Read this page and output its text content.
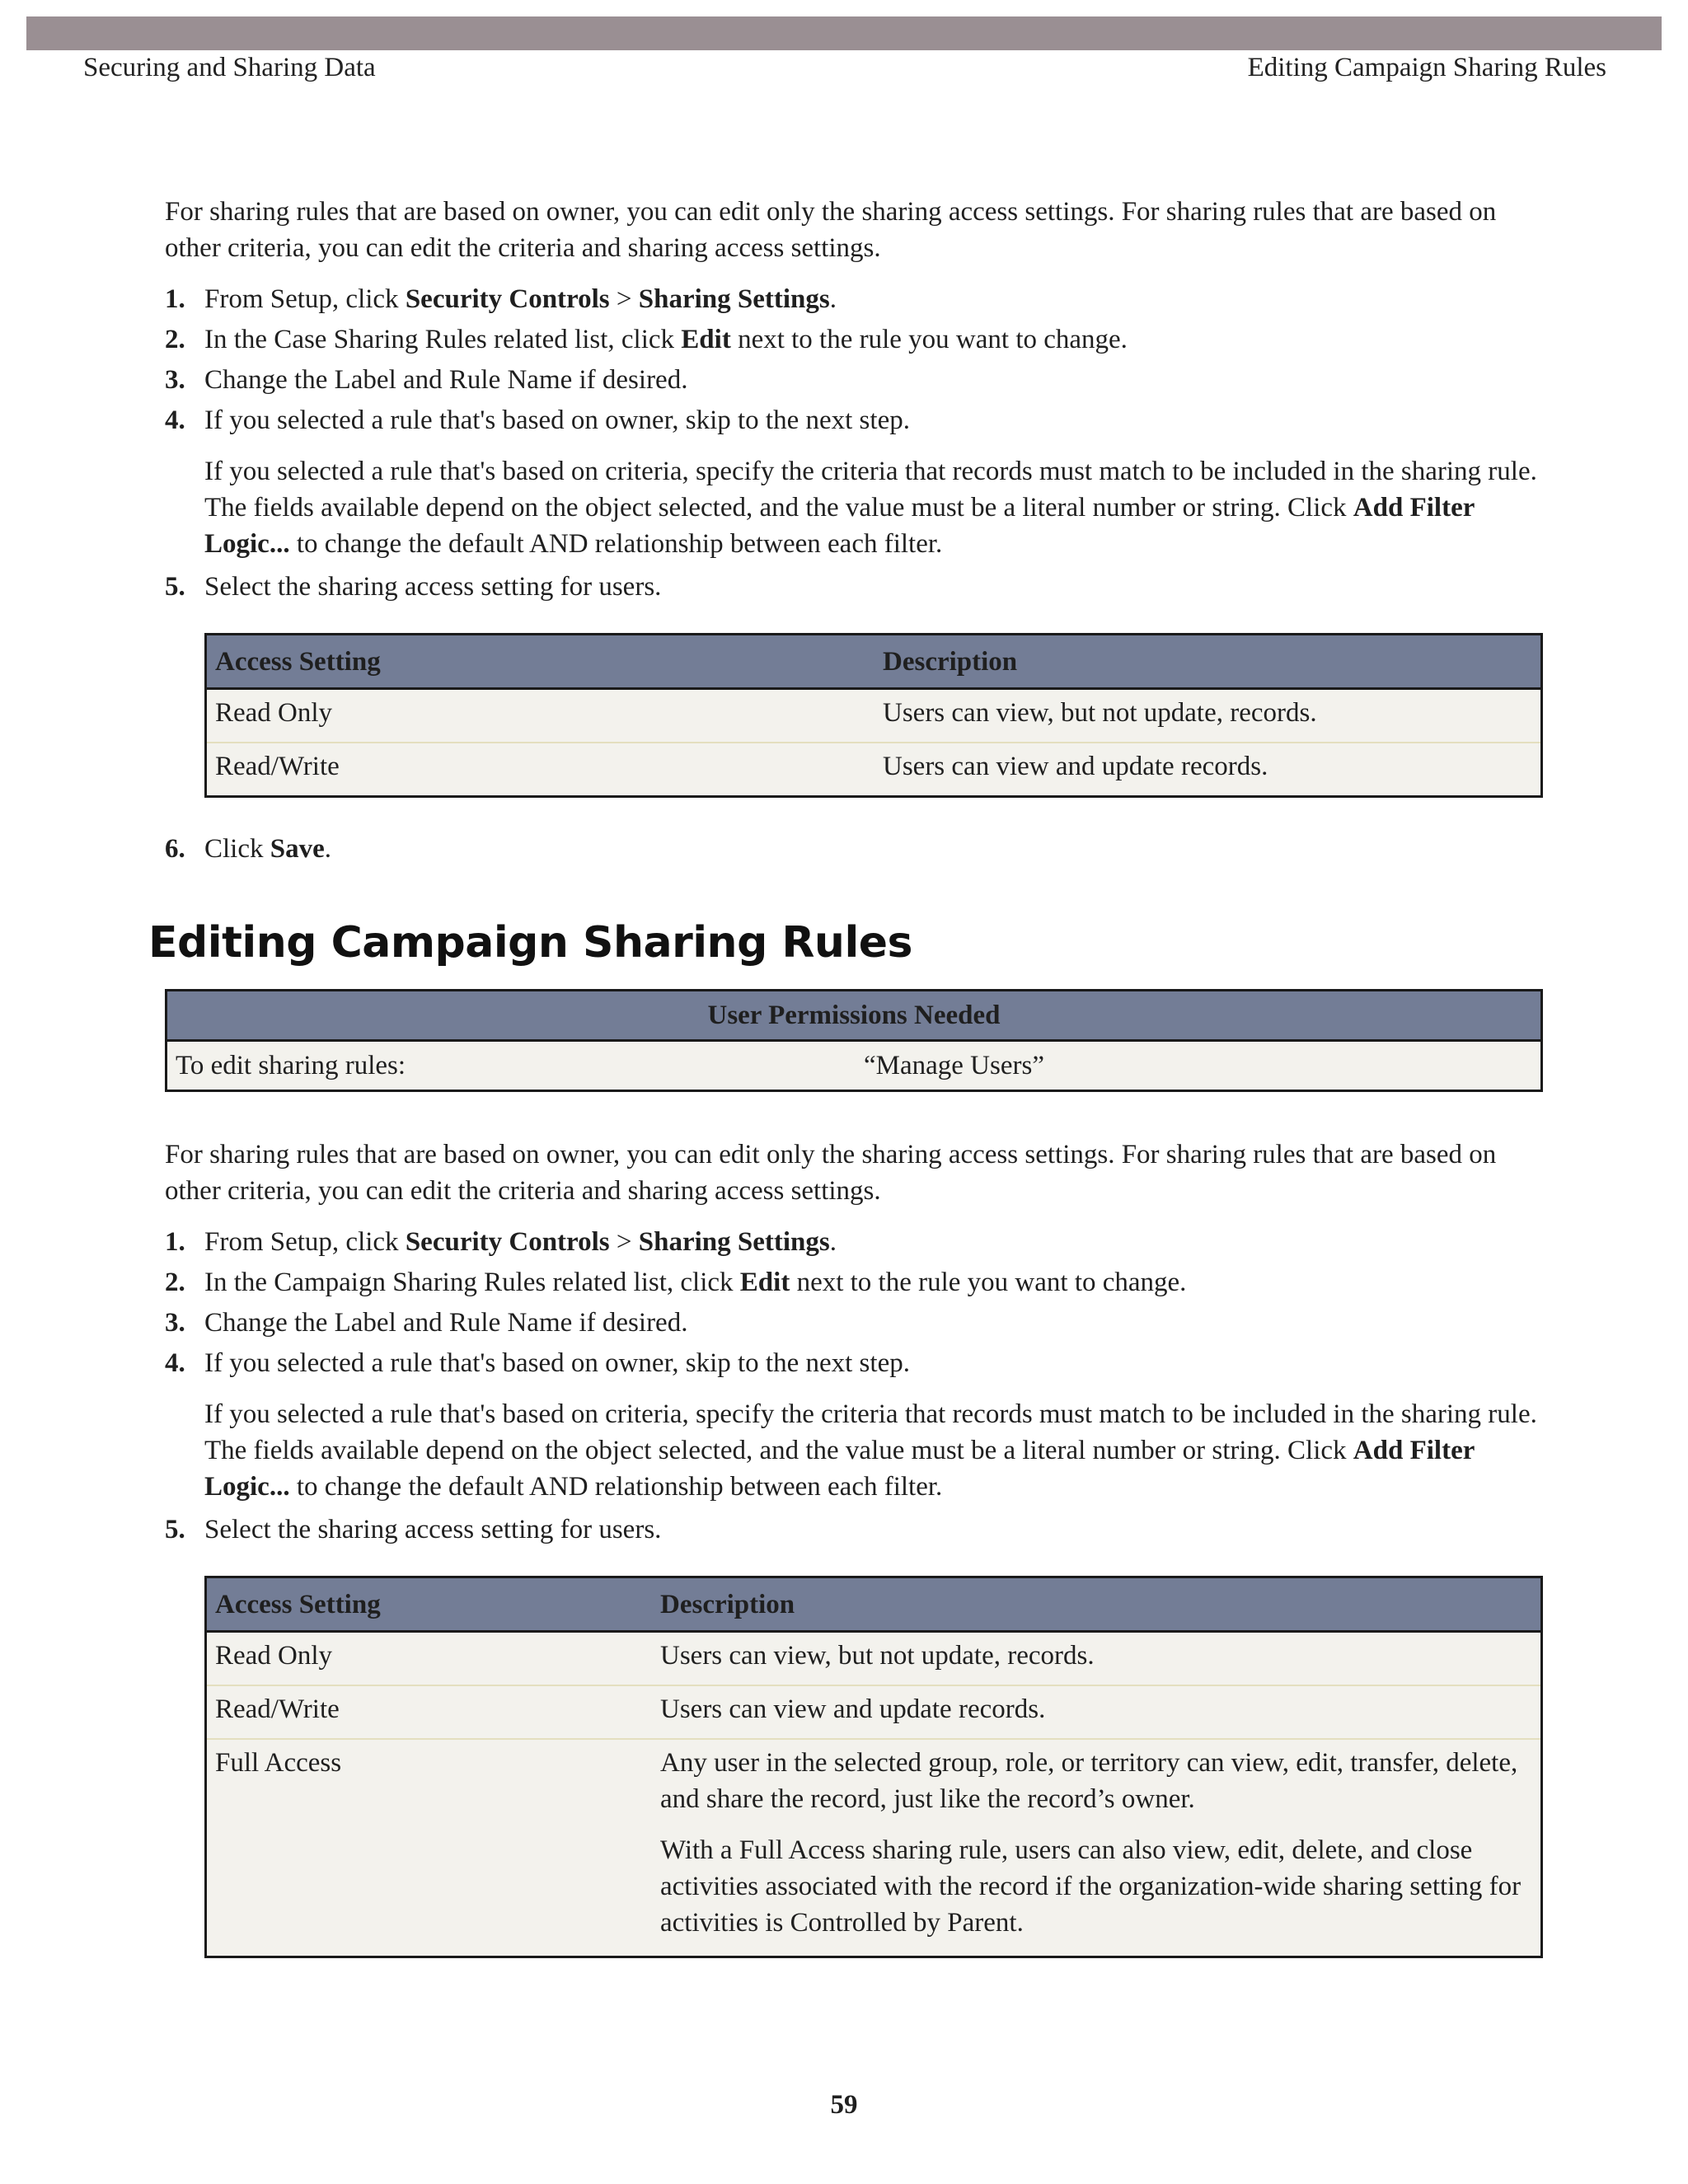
Securing and Sharing Data	Editing Campaign Sharing Rules

For sharing rules that are based on owner, you can edit only the sharing access settings. For sharing rules that are based on other criteria, you can edit the criteria and sharing access settings.

1. From Setup, click Security Controls > Sharing Settings.
2. In the Case Sharing Rules related list, click Edit next to the rule you want to change.
3. Change the Label and Rule Name if desired.
4. If you selected a rule that's based on owner, skip to the next step.

If you selected a rule that's based on criteria, specify the criteria that records must match to be included in the sharing rule. The fields available depend on the object selected, and the value must be a literal number or string. Click Add Filter Logic... to change the default AND relationship between each filter.

5. Select the sharing access setting for users.
Access Setting	Description
Read Only	Users can view, but not update, records.
Read/Write	Users can view and update records.
6. Click Save.
Editing Campaign Sharing Rules
User Permissions Needed
To edit sharing rules:	“Manage Users”

For sharing rules that are based on owner, you can edit only the sharing access settings. For sharing rules that are based on other criteria, you can edit the criteria and sharing access settings.

1. From Setup, click Security Controls > Sharing Settings.
2. In the Campaign Sharing Rules related list, click Edit next to the rule you want to change.
3. Change the Label and Rule Name if desired.
4. If you selected a rule that's based on owner, skip to the next step.

If you selected a rule that's based on criteria, specify the criteria that records must match to be included in the sharing rule. The fields available depend on the object selected, and the value must be a literal number or string. Click Add Filter Logic... to change the default AND relationship between each filter.

5. Select the sharing access setting for users.
Access Setting	Description
Read Only	Users can view, but not update, records.
Read/Write	Users can view and update records.
Full Access	Any user in the selected group, role, or territory can view, edit, transfer, delete, and share the record, just like the record’s owner.

With a Full Access sharing rule, users can also view, edit, delete, and close activities associated with the record if the organization-wide sharing setting for activities is Controlled by Parent.

59
